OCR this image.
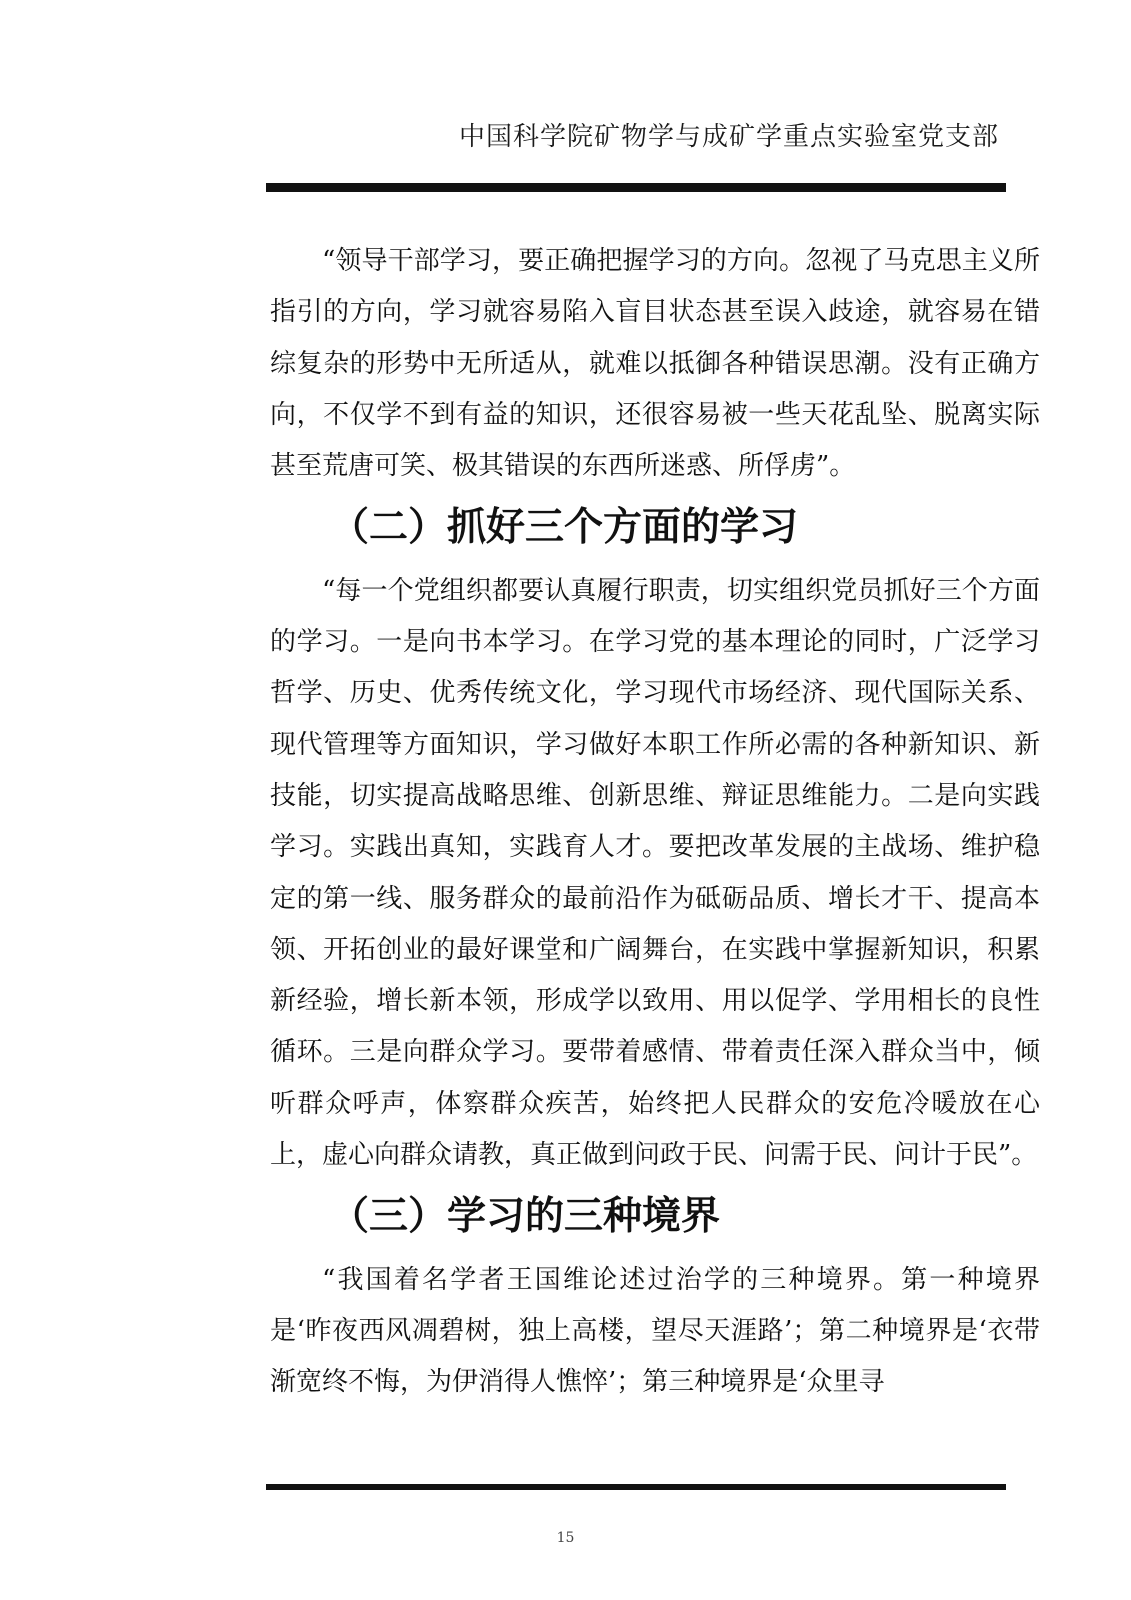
中国科学院矿物学与成矿学重点实验室党支部

“领导干部学习，要正确把握学习的方向。忽视了马克思主义所指引的方向，学习就容易陷入盲目状态甚至误入歧途，就容易在错综复杂的形势中无所适从，就难以抵御各种错误思潮。没有正确方向，不仅学不到有益的知识，还很容易被一些天花乱坠、脱离实际甚至荒唐可笑、极其错误的东西所迷惑、所俘虏”。

（二）抓好三个方面的学习

“每一个党组织都要认真履行职责，切实组织党员抓好三个方面的学习。一是向书本学习。在学习党的基本理论的同时，广泛学习哲学、历史、优秀传统文化，学习现代市场经济、现代国际关系、现代管理等方面知识，学习做好本职工作所必需的各种新知识、新技能，切实提高战略思维、创新思维、辩证思维能力。二是向实践学习。实践出真知，实践育人才。要把改革发展的主战场、维护稳定的第一线、服务群众的最前沿作为砥砺品质、增长才干、提高本领、开拓创业的最好课堂和广阔舞台，在实践中掌握新知识，积累新经验，增长新本领，形成学以致用、用以促学、学用相长的良性循环。三是向群众学习。要带着感情、带着责任深入群众当中，倾听群众呼声，体察群众疾苦，始终把人民群众的安危冷暖放在心上，虚心向群众请教，真正做到问政于民、问需于民、问计于民”。

（三）学习的三种境界

“我国着名学者王国维论述过治学的三种境界。第一种境界是‘昨夜西风凋碧树，独上高楼，望尽天涯路’；第二种境界是‘衣带渐宽终不悔，为伊消得人憔悴’；第三种境界是‘众里寻

15
